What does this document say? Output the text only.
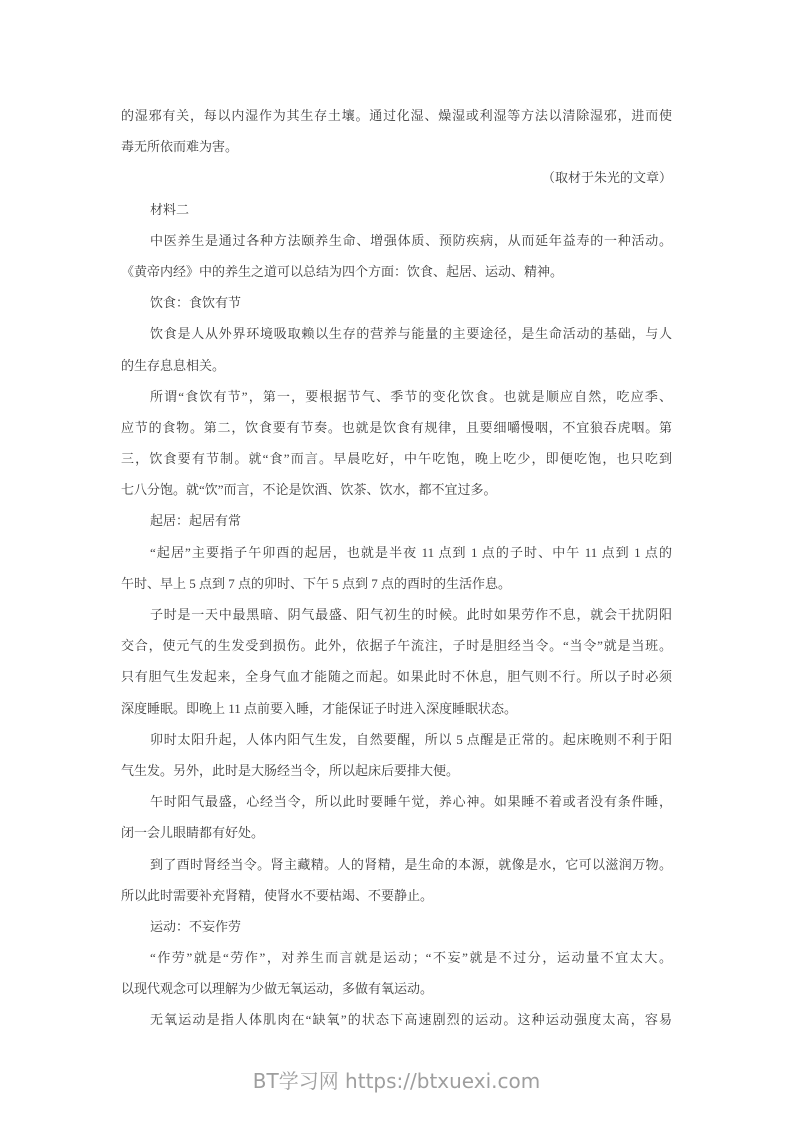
的湿邪有关，每以内湿作为其生存土壤。通过化湿、燥湿或利湿等方法以清除湿邪，进而使
毒无所依而难为害。
（取材于朱光的文章）
材料二
中医养生是通过各种方法颐养生命、增强体质、预防疾病，从而延年益寿的一种活动。
《黄帝内经》中的养生之道可以总结为四个方面：饮食、起居、运动、精神。
饮食：食饮有节
饮食是人从外界环境吸取赖以生存的营养与能量的主要途径，是生命活动的基础，与人
的生存息息相关。
所谓“食饮有节”，第一，要根据节气、季节的变化饮食。也就是顺应自然，吃应季、
应节的食物。第二，饮食要有节奏。也就是饮食有规律，且要细嚼慢咽，不宜狼吞虎咽。第
三，饮食要有节制。就“食”而言。早晨吃好，中午吃饱，晚上吃少，即便吃饱，也只吃到
七八分饱。就“饮”而言，不论是饮酒、饮茶、饮水，都不宜过多。
起居：起居有常
“起居”主要指子午卯酉的起居，也就是半夜 11 点到 1 点的子时、中午 11 点到 1 点的
午时、早上 5 点到 7 点的卯时、下午 5 点到 7 点的酉时的生活作息。
子时是一天中最黑暗、阴气最盛、阳气初生的时候。此时如果劳作不息，就会干扰阴阳
交合，使元气的生发受到损伤。此外，依据子午流注，子时是胆经当令。“当令”就是当班。
只有胆气生发起来，全身气血才能随之而起。如果此时不休息，胆气则不行。所以子时必须
深度睡眠。即晚上 11 点前要入睡，才能保证子时进入深度睡眠状态。
卯时太阳升起，人体内阳气生发，自然要醒，所以 5 点醒是正常的。起床晚则不利于阳
气生发。另外，此时是大肠经当令，所以起床后要排大便。
午时阳气最盛，心经当令，所以此时要睡午觉，养心神。如果睡不着或者没有条件睡，
闭一会儿眼睛都有好处。
到了酉时肾经当令。肾主藏精。人的肾精，是生命的本源，就像是水，它可以滋润万物。
所以此时需要补充肾精，使肾水不要枯竭、不要静止。
运动：不妄作劳
“作劳”就是“劳作”，对养生而言就是运动；“不妄”就是不过分，运动量不宜太大。
以现代观念可以理解为少做无氧运动，多做有氧运动。
无氧运动是指人体肌肉在“缺氧”的状态下高速剧烈的运动。这种运动强度太高，容易
BT学习网 https://btxuexi.com
